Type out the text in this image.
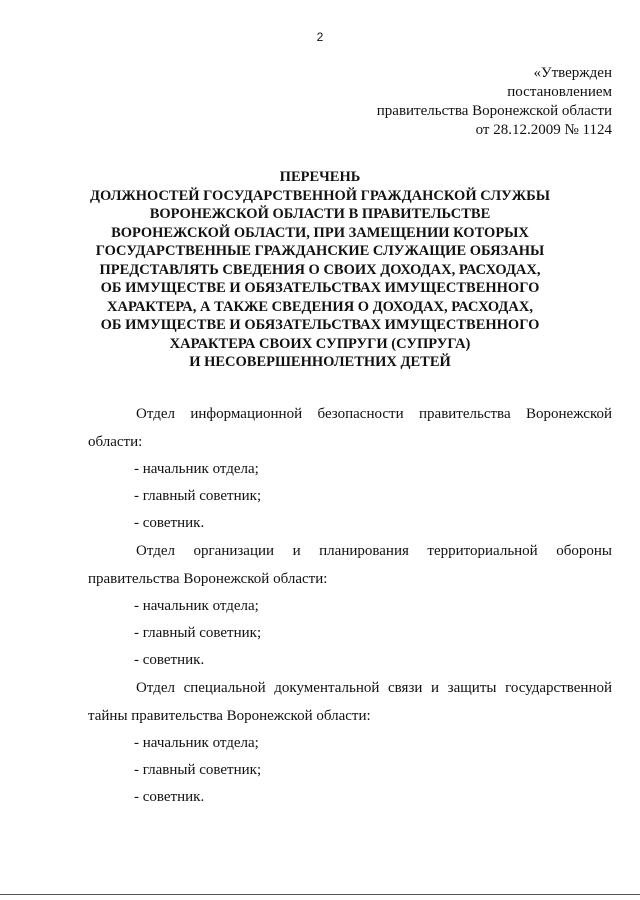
2
«Утвержден
постановлением
правительства Воронежской области
от 28.12.2009 № 1124
ПЕРЕЧЕНЬ
ДОЛЖНОСТЕЙ ГОСУДАРСТВЕННОЙ ГРАЖДАНСКОЙ СЛУЖБЫ
ВОРОНЕЖСКОЙ ОБЛАСТИ В ПРАВИТЕЛЬСТВЕ
ВОРОНЕЖСКОЙ ОБЛАСТИ, ПРИ ЗАМЕЩЕНИИ КОТОРЫХ
ГОСУДАРСТВЕННЫЕ ГРАЖДАНСКИЕ СЛУЖАЩИЕ ОБЯЗАНЫ
ПРЕДСТАВЛЯТЬ СВЕДЕНИЯ О СВОИХ ДОХОДАХ, РАСХОДАХ,
ОБ ИМУЩЕСТВЕ И ОБЯЗАТЕЛЬСТВАХ ИМУЩЕСТВЕННОГО
ХАРАКТЕРА, А ТАКЖЕ СВЕДЕНИЯ О ДОХОДАХ, РАСХОДАХ,
ОБ ИМУЩЕСТВЕ И ОБЯЗАТЕЛЬСТВАХ ИМУЩЕСТВЕННОГО
ХАРАКТЕРА СВОИХ СУПРУГИ (СУПРУГА)
И НЕСОВЕРШЕННОЛЕТНИХ ДЕТЕЙ

Отдел информационной безопасности правительства Воронежской
области:

- начальник отдела;
- главный советник;
- советник.

Отдел организации и планирования территориальной обороны
правительства Воронежской области:

- начальник отдела;
- главный советник;
- советник.

Отдел специальной документальной связи и защиты государственной
тайны правительства Воронежской области:

- начальник отдела;
- главный советник;
- советник.
